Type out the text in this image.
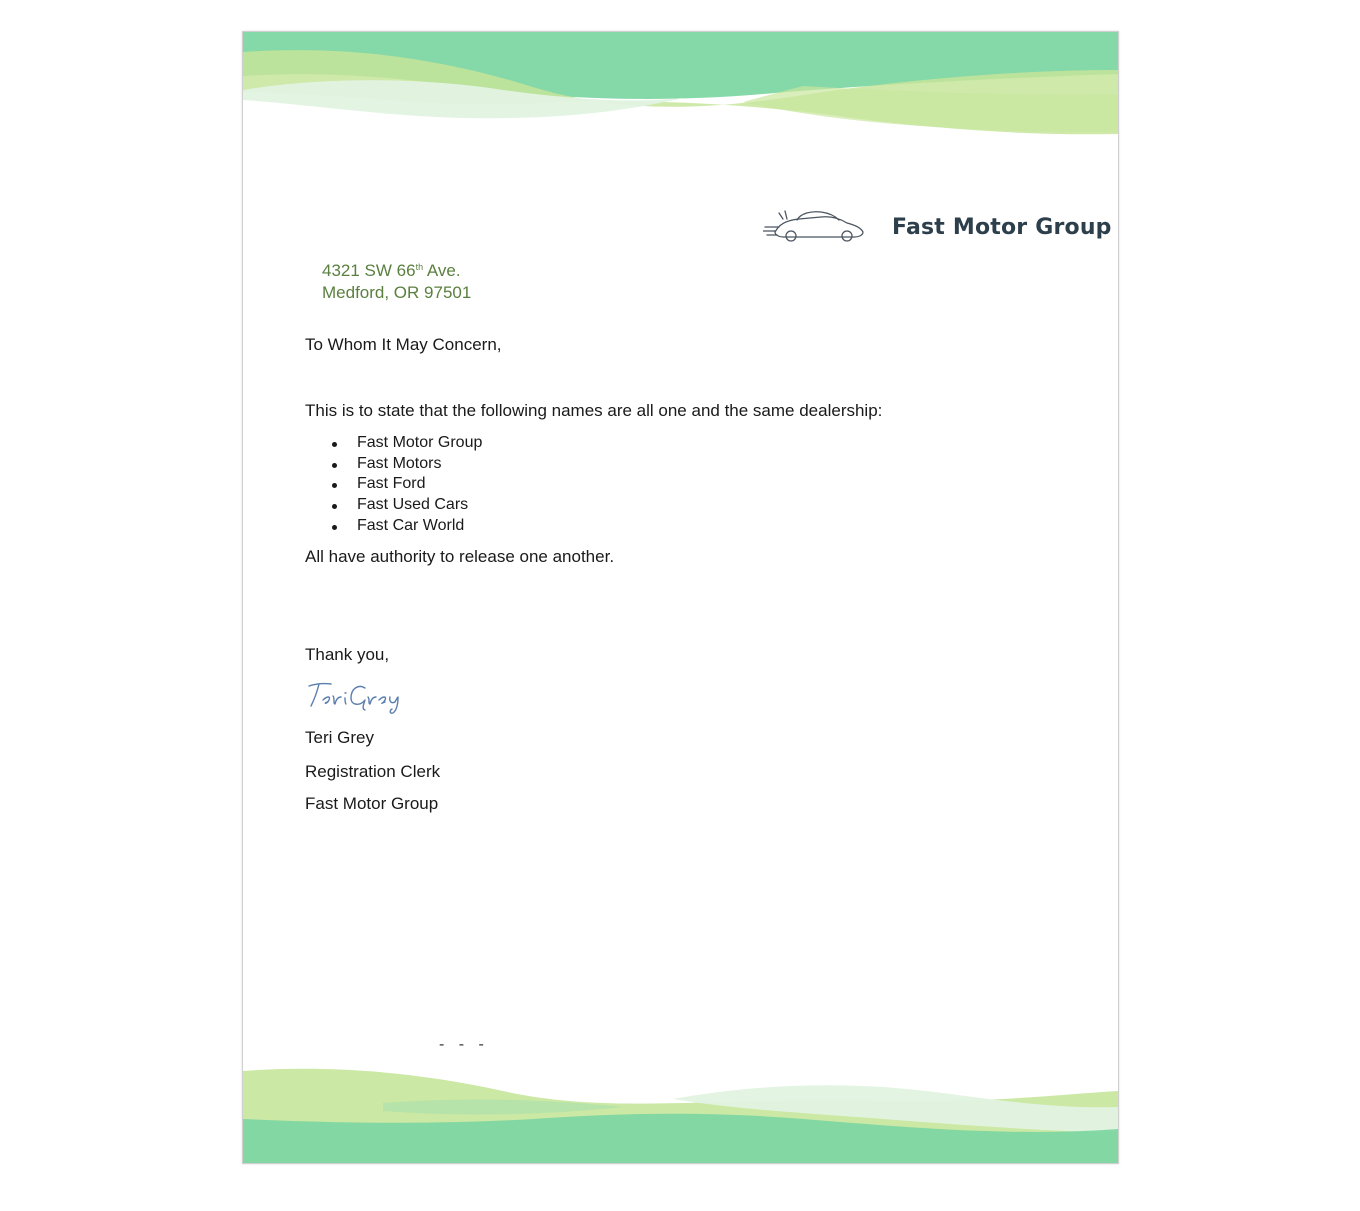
Fast Motor Group
4321 SW 66th Ave.
Medford, OR 97501
To Whom It May Concern,
This is to state that the following names are all one and the same dealership:
Fast Motor Group
Fast Motors
Fast Ford
Fast Used Cars
Fast Car World
All have authority to release one another.
Thank you,
Teri Grey
Registration Clerk
Fast Motor Group
- - -
